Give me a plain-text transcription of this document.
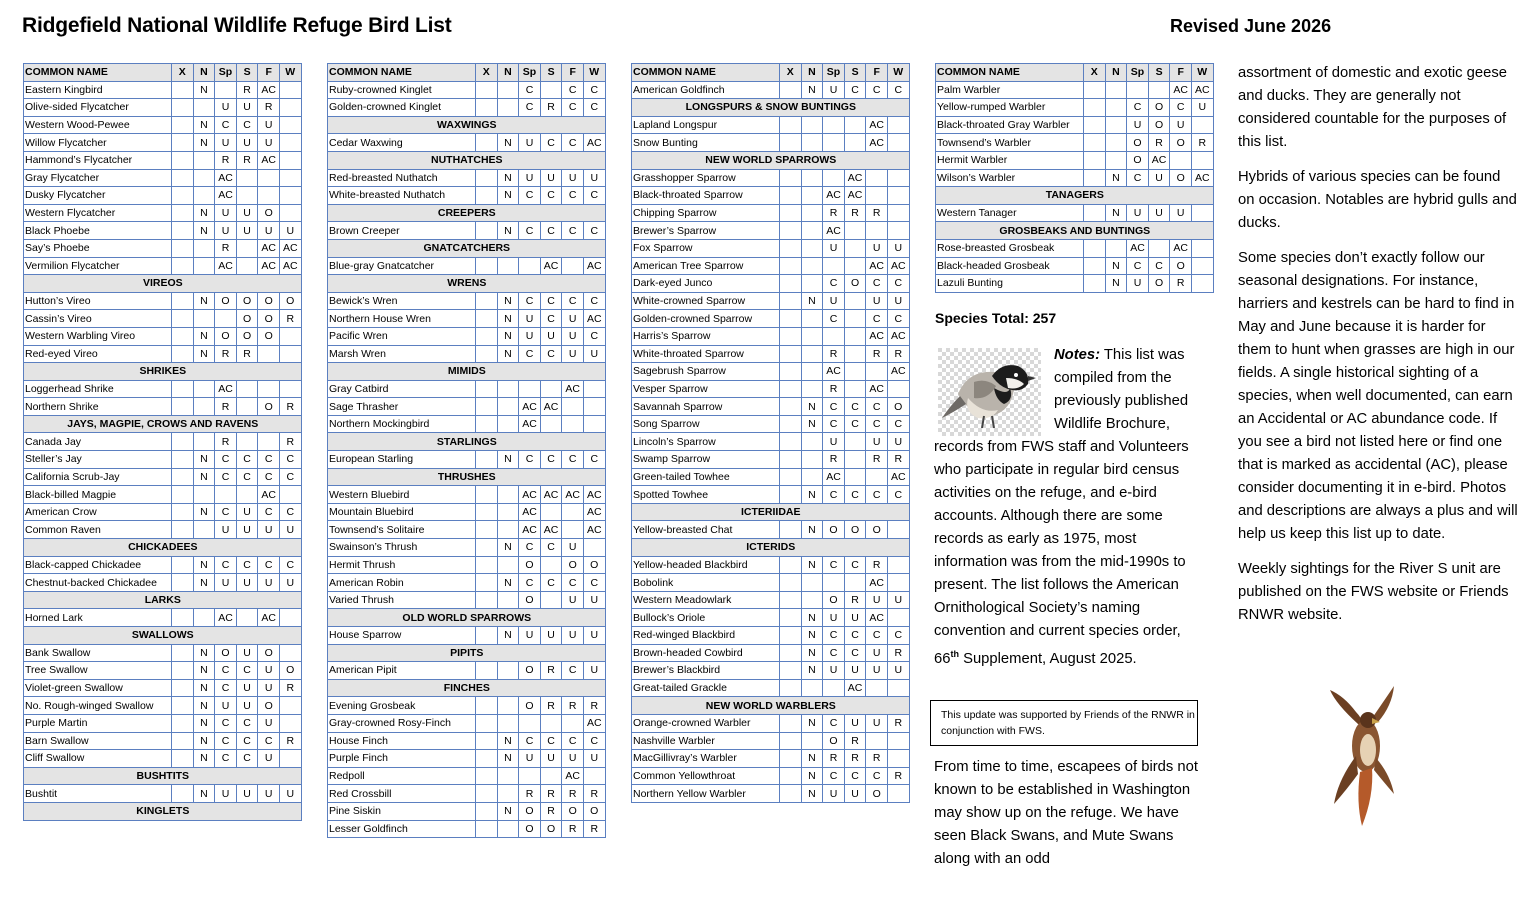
Ridgefield National Wildlife Refuge Bird List	Revised June 2026
COMMON NAME	X	N	Sp	S	F	W
Eastern Kingbird		N		R	AC	
Olive-sided Flycatcher			U	U	R	
Western Wood-Pewee		N	C	C	U	
Willow Flycatcher		N	U	U	U	
Hammond’s Flycatcher			R	R	AC	
Gray Flycatcher			AC			
Dusky Flycatcher			AC			
Western Flycatcher		N	U	U	O	
Black Phoebe		N	U	U	U	U
Say’s Phoebe			R		AC	AC
Vermilion Flycatcher			AC		AC	AC
VIREOS						
Hutton’s Vireo		N	O	O	O	O
Cassin’s Vireo				O	O	R
Western Warbling Vireo		N	O	O	O	
Red-eyed Vireo		N	R	R		
SHRIKES						
Loggerhead Shrike			AC			
Northern Shrike			R		O	R
JAYS, MAGPIE, CROWS AND RAVENS						
Canada Jay			R			R
Steller’s Jay		N	C	C	C	C
California Scrub-Jay		N	C	C	C	C
Black-billed Magpie					AC	
American Crow		N	C	U	C	C
Common Raven			U	U	U	U
CHICKADEES						
Black-capped Chickadee		N	C	C	C	C
Chestnut-backed Chickadee		N	U	U	U	U
LARKS						
Horned Lark			AC		AC	
SWALLOWS						
Bank Swallow		N	O	U	O	
Tree Swallow		N	C	C	U	O
Violet-green Swallow		N	C	U	U	R
No. Rough-winged Swallow		N	U	U	O	
Purple Martin		N	C	C	U	
Barn Swallow		N	C	C	C	R
Cliff Swallow		N	C	C	U	
BUSHTITS						
Bushtit		N	U	U	U	U
KINGLETS						
COMMON NAME	X	N	Sp	S	F	W
Ruby-crowned Kinglet			C		C	C
Golden-crowned Kinglet			C	R	C	C
WAXWINGS						
Cedar Waxwing		N	U	C	C	AC
NUTHATCHES						
Red-breasted Nuthatch		N	U	U	U	U
White-breasted Nuthatch		N	C	C	C	C
CREEPERS						
Brown Creeper		N	C	C	C	C
GNATCATCHERS						
Blue-gray Gnatcatcher				AC		AC
WRENS						
Bewick’s Wren		N	C	C	C	C
Northern House Wren		N	U	C	U	AC
Pacific Wren		N	U	U	U	C
Marsh Wren		N	C	C	U	U
MIMIDS						
Gray Catbird					AC	
Sage Thrasher			AC	AC		
Northern Mockingbird			AC			
STARLINGS						
European Starling		N	C	C	C	C
THRUSHES						
Western Bluebird			AC	AC	AC	AC
Mountain Bluebird			AC			AC
Townsend’s Solitaire			AC	AC		AC
Swainson’s Thrush		N	C	C	U	
Hermit Thrush			O		O	O
American Robin		N	C	C	C	C
Varied Thrush			O		U	U
OLD WORLD SPARROWS						
House Sparrow		N	U	U	U	U
PIPITS						
American Pipit			O	R	C	U
FINCHES						
Evening Grosbeak			O	R	R	R
Gray-crowned Rosy-Finch						AC
House Finch		N	C	C	C	C
Purple Finch		N	U	U	U	U
Redpoll					AC	
Red Crossbill			R	R	R	R
Pine Siskin		N	O	R	O	O
Lesser Goldfinch			O	O	R	R
COMMON NAME	X	N	Sp	S	F	W
American Goldfinch		N	U	C	C	C
LONGSPURS & SNOW BUNTINGS						
Lapland Longspur					AC	
Snow Bunting					AC	
NEW WORLD SPARROWS						
Grasshopper Sparrow				AC		
Black-throated Sparrow			AC	AC		
Chipping Sparrow			R	R	R	
Brewer’s Sparrow			AC			
Fox Sparrow			U		U	U
American Tree Sparrow					AC	AC
Dark-eyed Junco			C	O	C	C
White-crowned Sparrow		N	U		U	U
Golden-crowned Sparrow			C		C	C
Harris’s Sparrow					AC	AC
White-throated Sparrow			R		R	R
Sagebrush Sparrow			AC			AC
Vesper Sparrow			R		AC	
Savannah Sparrow		N	C	C	C	O
Song Sparrow		N	C	C	C	C
Lincoln’s Sparrow			U		U	U
Swamp Sparrow			R		R	R
Green-tailed Towhee			AC			AC
Spotted Towhee		N	C	C	C	C
ICTERIIDAE						
Yellow-breasted Chat		N	O	O	O	
ICTERIDS						
Yellow-headed Blackbird		N	C	C	R	
Bobolink					AC	
Western Meadowlark			O	R	U	U
Bullock’s Oriole		N	U	U	AC	
Red-winged Blackbird		N	C	C	C	C
Brown-headed Cowbird		N	C	C	U	R
Brewer’s Blackbird		N	U	U	U	U
Great-tailed Grackle				AC		
NEW WORLD WARBLERS						
Orange-crowned Warbler		N	C	U	U	R
Nashville Warbler			O	R		
MacGillivray’s Warbler		N	R	R	R	
Common Yellowthroat		N	C	C	C	R
Northern Yellow Warbler		N	U	U	O	
COMMON NAME	X	N	Sp	S	F	W
Palm Warbler					AC	AC
Yellow-rumped Warbler			C	O	C	U
Black-throated Gray Warbler			U	O	U	
Townsend’s Warbler			O	R	O	R
Hermit Warbler			O	AC		
Wilson’s Warbler		N	C	U	O	AC
TANAGERS						
Western Tanager		N	U	U	U	
GROSBEAKS AND BUNTINGS						
Rose-breasted Grosbeak			AC		AC	
Black-headed Grosbeak		N	C	C	O	
Lazuli Bunting		N	U	O	R	
Species Total: 257
Notes: This list was compiled from the previously published Wildlife Brochure, records from FWS staff and Volunteers who participate in regular bird census activities on the refuge, and e-bird accounts. Although there are some records as early as 1975, most information was from the mid-1990s to present. The list follows the American Ornithological Society’s naming convention and current species order, 66th Supplement, August 2025.
This update was supported by Friends of the RNWR in conjunction with FWS.
From time to time, escapees of birds not known to be established in Washington may show up on the refuge. We have seen Black Swans, and Mute Swans along with an odd

assortment of domestic and exotic geese and ducks. They are generally not considered countable for the purposes of this list.

Hybrids of various species can be found on occasion. Notables are hybrid gulls and ducks.

Some species don’t exactly follow our seasonal designations. For instance, harriers and kestrels can be hard to find in May and June because it is harder for them to hunt when grasses are high in our fields. A single historical sighting of a species, when well documented, can earn an Accidental or AC abundance code. If you see a bird not listed here or find one that is marked as accidental (AC), please consider documenting it in e-bird. Photos and descriptions are always a plus and will help us keep this list up to date.

Weekly sightings for the River S unit are published on the FWS website or Friends RNWR website.
